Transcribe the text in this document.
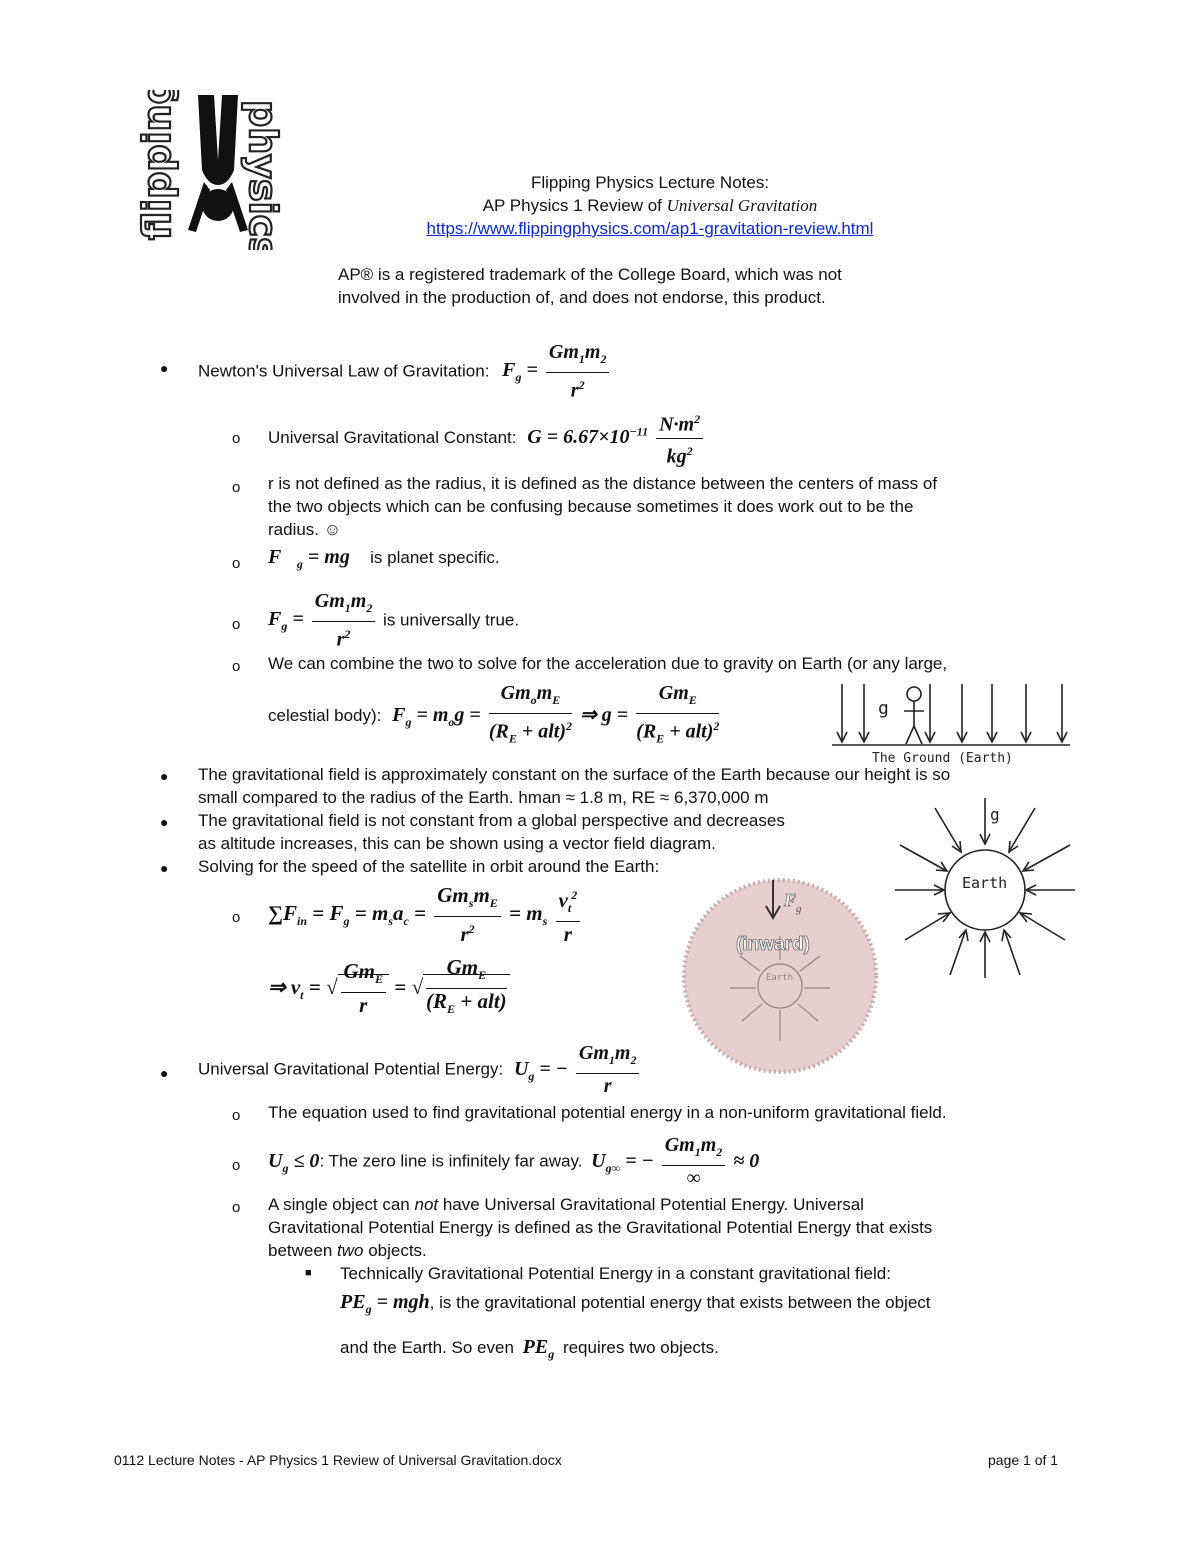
flipping physics	Flipping Physics Lecture Notes:
AP Physics 1 Review of Universal Gravitation
https://www.flippingphysics.com/ap1-gravitation-review.html
AP® is a registered trademark of the College Board, which was not
involved in the production of, and does not endorse, this product.
● Newton's Universal Law of Gravitation: $F_g = \frac{Gm_1m_2}{r^2}$
o Universal Gravitational Constant: $G = 6.67\times 10^{-11} \frac{N\cdot m^2}{kg^2}$
o r is not defined as the radius, it is defined as the distance between the centers of mass of
the two objects which can be confusing because sometimes it does work out to be the
radius. ☺
o $F⃗_g$ = mg⃗ is planet specific.
o $F_g = \frac{Gm_1m_2}{r^2}$ is universally true.
o We can combine the two to solve for the acceleration due to gravity on Earth (or any large,
celestial body): $F_g = m_og = \frac{Gm_om_E}{(R_E + alt)^2}$ ⇒ $g = \frac{Gm_E}{(R_E + alt)^2}$	g
The Ground (Earth)
● The gravitational field is approximately constant on the surface of the Earth because our height is so
small compared to the radius of the Earth. hman ≈ 1.8 m, RE ≈ 6,370,000 m
● The gravitational field is not constant from a global perspective and decreases
as altitude increases, this can be shown using a vector field diagram.
g
Earth
● Solving for the speed of the satellite in orbit around the Earth:
o $\sum F_{in} = F_g = m_sa_c = \frac{Gm_sm_E}{r^2} = m_s \frac{v_t^2}{r}$
⇒ $v_t$ = √ $\frac{Gm_E}{r}$ = √ $\frac{Gm_E}{(R_E + alt)}$
F g
(inward)
Earth
● Universal Gravitational Potential Energy: $U_g$ = − $\frac{Gm_1m_2}{r}$
o The equation used to find gravitational potential energy in a non-uniform gravitational field.
o $U_g \le 0$: The zero line is infinitely far away. $U_{g\infty}$ = − $\frac{Gm_1m_2}{\infty} \approx 0$
o A single object can not have Universal Gravitational Potential Energy. Universal
Gravitational Potential Energy is defined as the Gravitational Potential Energy that exists
between two objects.
■ Technically Gravitational Potential Energy in a constant gravitational field:
$PE_g$ = mgh, is the gravitational potential energy that exists between the object
and the Earth. So even $PE_g$ requires two objects.
0112 Lecture Notes - AP Physics 1 Review of Universal Gravitation.docx	page 1 of 1
